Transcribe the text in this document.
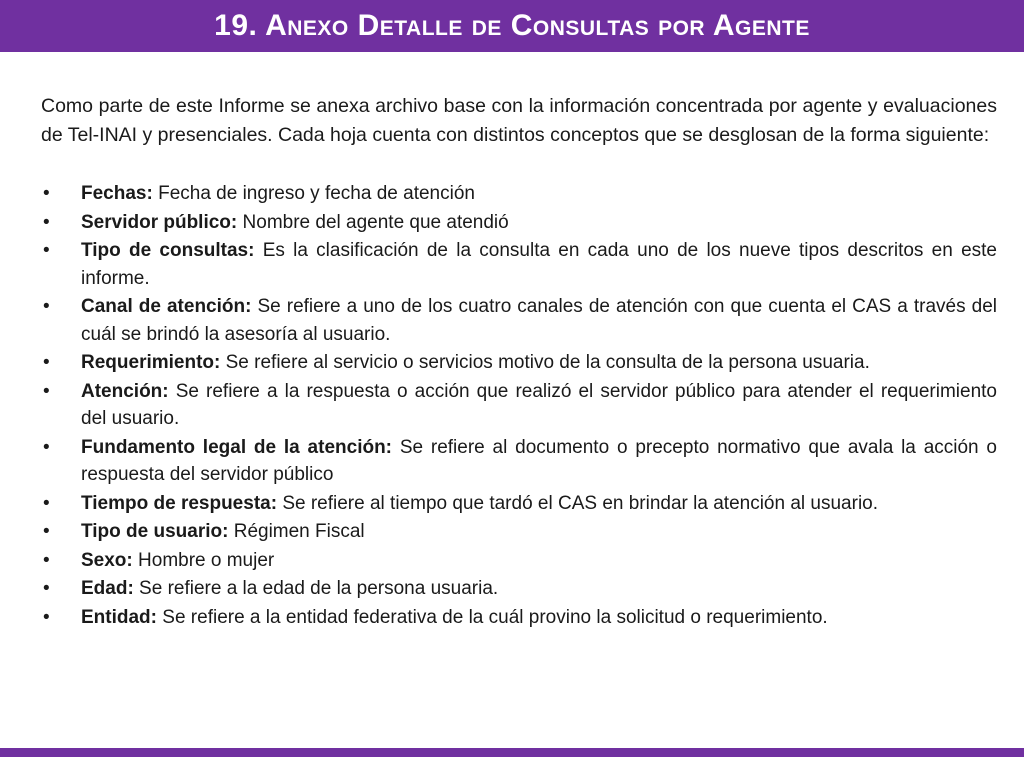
19. Anexo Detalle de Consultas por Agente

Como parte de este Informe se anexa archivo base con la información concentrada por agente y evaluaciones de Tel-INAI y presenciales. Cada hoja cuenta con distintos conceptos que se desglosan de la forma siguiente:

• Fechas: Fecha de ingreso y fecha de atención
• Servidor público: Nombre del agente que atendió
• Tipo de consultas: Es la clasificación de la consulta en cada uno de los nueve tipos descritos en este informe.
• Canal de atención: Se refiere a uno de los cuatro canales de atención con que cuenta el CAS a través del cuál se brindó la asesoría al usuario.
• Requerimiento: Se refiere al servicio o servicios motivo de la consulta de la persona usuaria.
• Atención: Se refiere a la respuesta o acción que realizó el servidor público para atender el requerimiento del usuario.
• Fundamento legal de la atención: Se refiere al documento o precepto normativo que avala la acción o respuesta del servidor público
• Tiempo de respuesta: Se refiere al tiempo que tardó el CAS en brindar la atención al usuario.
• Tipo de usuario: Régimen Fiscal
• Sexo: Hombre o mujer
• Edad: Se refiere a la edad de la persona usuaria.
• Entidad: Se refiere a la entidad federativa de la cuál provino la solicitud o requerimiento.
